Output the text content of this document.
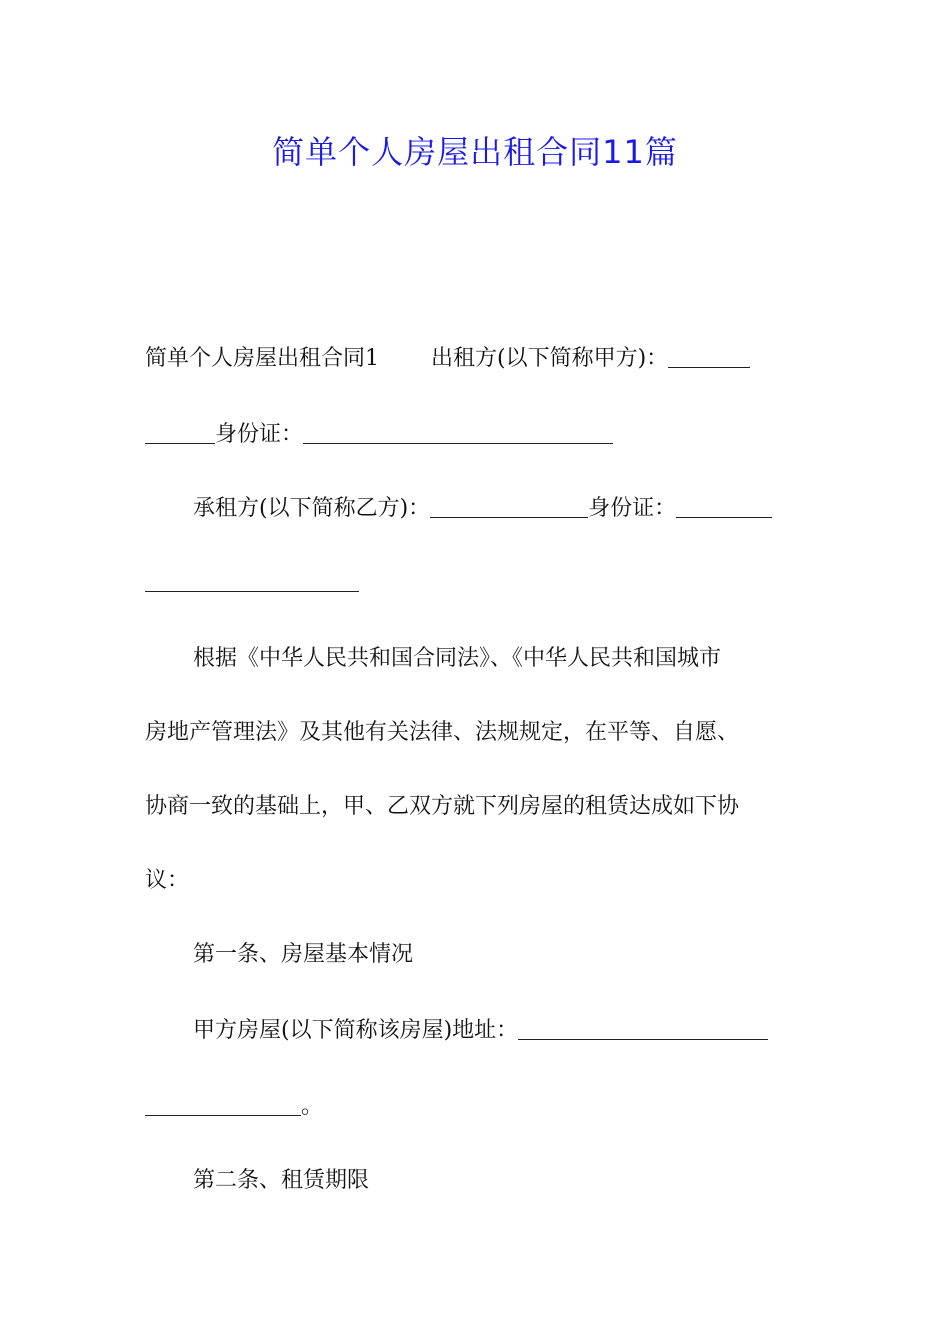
简单个人房屋出租合同11篇
简单个人房屋出租合同1 出租方(以下简称甲方)：
身份证：
承租方(以下简称乙方)：	身份证：
根据《中华人民共和国合同法》、《中华人民共和国城市
房地产管理法》及其他有关法律、法规规定，在平等、自愿、
协商一致的基础上，甲、乙双方就下列房屋的租赁达成如下协
议：
第一条、房屋基本情况
甲方房屋(以下简称该房屋)地址：
。
第二条、租赁期限
